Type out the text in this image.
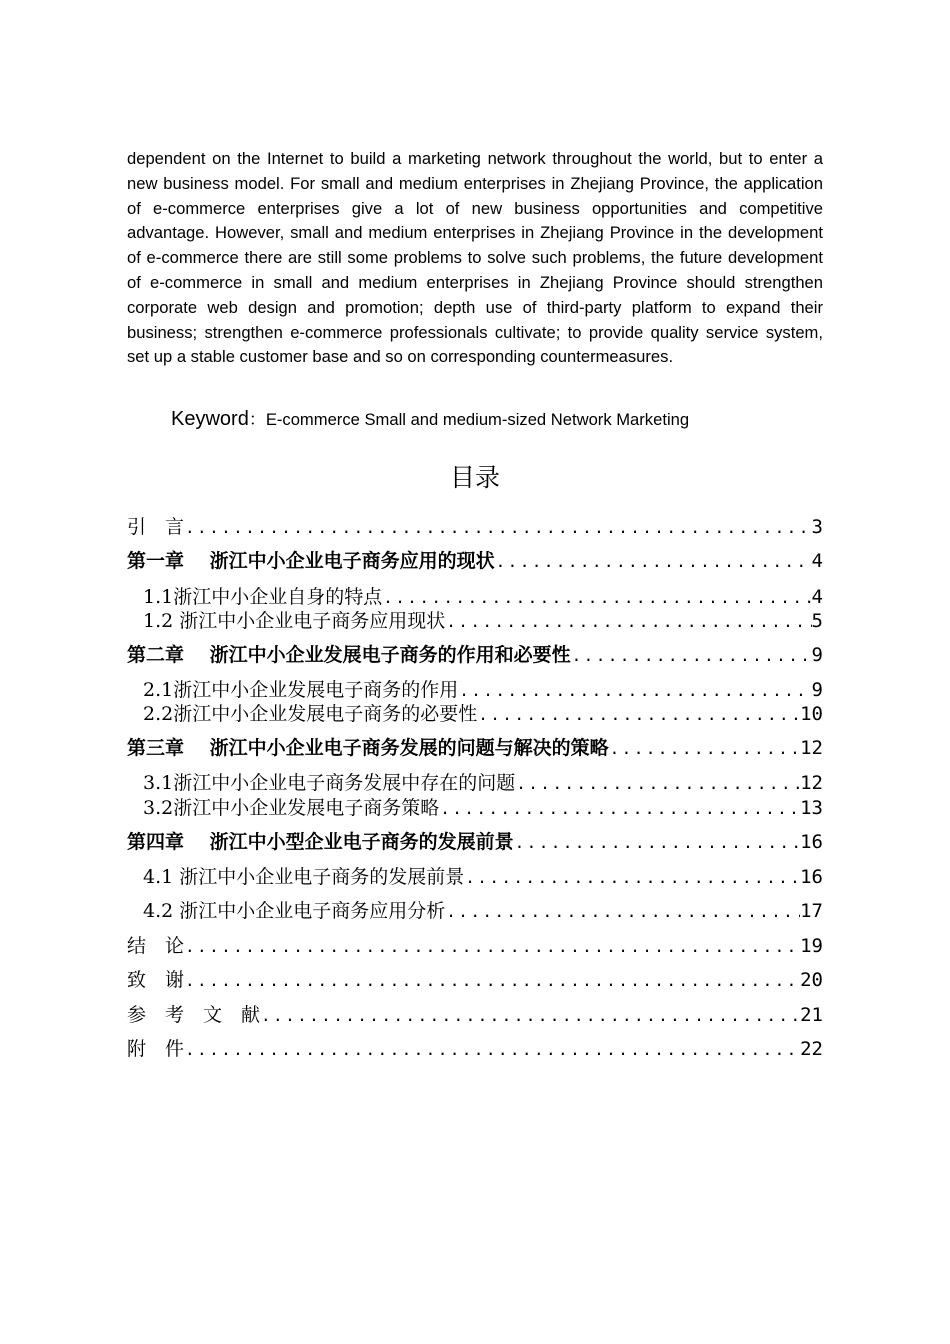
dependent on the Internet to build a marketing network throughout the world, but to enter a new business model. For small and medium enterprises in Zhejiang Province, the application of e-commerce enterprises give a lot of new business opportunities and competitive advantage. However, small and medium enterprises in Zhejiang Province in the development of e-commerce there are still some problems to solve such problems, the future development of e-commerce in small and medium enterprises in Zhejiang Province should strengthen corporate web design and promotion; depth use of third-party platform to expand their business; strengthen e-commerce professionals cultivate; to provide quality service system, set up a stable customer base and so on corresponding countermeasures.

Keyword：E-commerce Small and medium-sized Network Marketing
目录
引　言 .....	3
第一章　 浙江中小企业电子商务应用的现状 .....	4
1.1浙江中小企业自身的特点 .....	4
1.2 浙江中小企业电子商务应用现状 .....	5
第二章　 浙江中小企业发展电子商务的作用和必要性 .....	9
2.1浙江中小企业发展电子商务的作用 .....	9
2.2浙江中小企业发展电子商务的必要性 .....	10
第三章　 浙江中小企业电子商务发展的问题与解决的策略 .....	12
3.1浙江中小企业电子商务发展中存在的问题 .....	12
3.2浙江中小企业发展电子商务策略 .....	13
第四章　 浙江中小型企业电子商务的发展前景 .....	16
4.1 浙江中小企业电子商务的发展前景 .....	16
4.2 浙江中小企业电子商务应用分析 .....	17
结　论 .....	19
致　谢 .....	20
参　考　文　献 .....	21
附　件 .....	22
